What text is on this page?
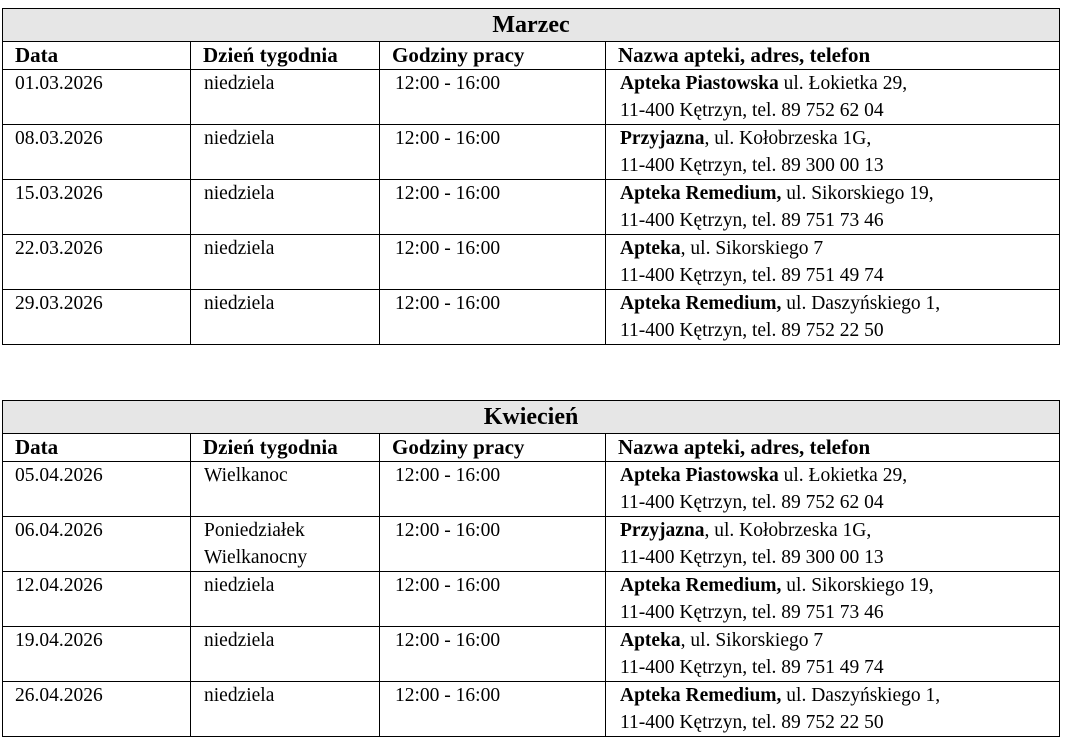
Marzec			
Data	Dzień tygodnia	Godziny pracy	Nazwa apteki, adres, telefon
01.03.2026	niedziela	12:00 - 16:00	Apteka Piastowska ul. Łokietka 29,
11-400 Kętrzyn, tel. 89 752 62 04
08.03.2026	niedziela	12:00 - 16:00	Przyjazna, ul. Kołobrzeska 1G,
11-400 Kętrzyn, tel. 89 300 00 13
15.03.2026	niedziela	12:00 - 16:00	Apteka Remedium, ul. Sikorskiego 19,
11-400 Kętrzyn, tel. 89 751 73 46
22.03.2026	niedziela	12:00 - 16:00	Apteka, ul. Sikorskiego 7
11-400 Kętrzyn, tel. 89 751 49 74
29.03.2026	niedziela	12:00 - 16:00	Apteka Remedium, ul. Daszyńskiego 1,
11-400 Kętrzyn, tel. 89 752 22 50
Kwiecień			
Data	Dzień tygodnia	Godziny pracy	Nazwa apteki, adres, telefon
05.04.2026	Wielkanoc	12:00 - 16:00	Apteka Piastowska ul. Łokietka 29,
11-400 Kętrzyn, tel. 89 752 62 04
06.04.2026	Poniedziałek
Wielkanocny	12:00 - 16:00	Przyjazna, ul. Kołobrzeska 1G,
11-400 Kętrzyn, tel. 89 300 00 13
12.04.2026	niedziela	12:00 - 16:00	Apteka Remedium, ul. Sikorskiego 19,
11-400 Kętrzyn, tel. 89 751 73 46
19.04.2026	niedziela	12:00 - 16:00	Apteka, ul. Sikorskiego 7
11-400 Kętrzyn, tel. 89 751 49 74
26.04.2026	niedziela	12:00 - 16:00	Apteka Remedium, ul. Daszyńskiego 1,
11-400 Kętrzyn, tel. 89 752 22 50
